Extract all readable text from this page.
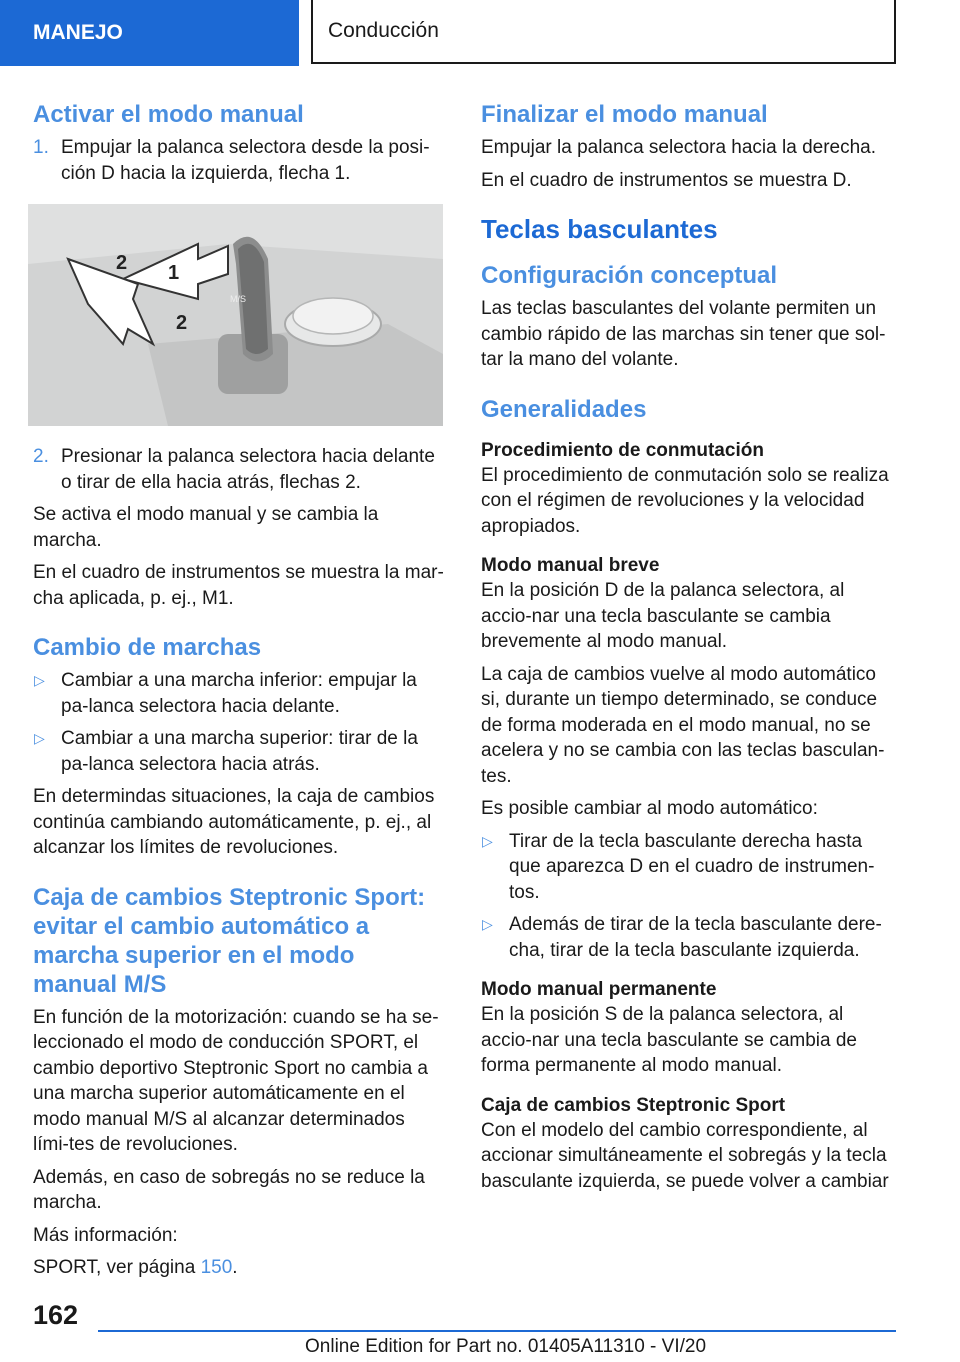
MANEJO	Conducción
Activar el modo manual
1. Empujar la palanca selectora desde la posi-ción D hacia la izquierda, flecha 1.
1
2
2
M/S
2. Presionar la palanca selectora hacia delante o tirar de ella hacia atrás, flechas 2.

Se activa el modo manual y se cambia la marcha.

En el cuadro de instrumentos se muestra la mar-cha aplicada, p. ej., M1.

Cambio de marchas
▷ Cambiar a una marcha inferior: empujar la pa-lanca selectora hacia delante.
▷ Cambiar a una marcha superior: tirar de la pa-lanca selectora hacia atrás.

En determindas situaciones, la caja de cambios continúa cambiando automáticamente, p. ej., al alcanzar los límites de revoluciones.

Caja de cambios Steptronic Sport: evitar el cambio automático a marcha superior en el modo manual M/S

En función de la motorización: cuando se ha se-leccionado el modo de conducción SPORT, el cambio deportivo Steptronic Sport no cambia a una marcha superior automáticamente en el modo manual M/S al alcanzar determinados lími-tes de revoluciones.

Además, en caso de sobregás no se reduce la marcha.

Más información:

SPORT, ver página 150.

Finalizar el modo manual

Empujar la palanca selectora hacia la derecha.

En el cuadro de instrumentos se muestra D.

Teclas basculantes
Configuración conceptual

Las teclas basculantes del volante permiten un cambio rápido de las marchas sin tener que sol-tar la mano del volante.

Generalidades
Procedimiento de conmutación

El procedimiento de conmutación solo se realiza con el régimen de revoluciones y la velocidad apropiados.

Modo manual breve

En la posición D de la palanca selectora, al accio-nar una tecla basculante se cambia brevemente al modo manual.

La caja de cambios vuelve al modo automático si, durante un tiempo determinado, se conduce de forma moderada en el modo manual, no se acelera y no se cambia con las teclas basculan-tes.

Es posible cambiar al modo automático:

▷ Tirar de la tecla basculante derecha hasta que aparezca D en el cuadro de instrumen-tos.
▷ Además de tirar de la tecla basculante dere-cha, tirar de la tecla basculante izquierda.
Modo manual permanente

En la posición S de la palanca selectora, al accio-nar una tecla basculante se cambia de forma permanente al modo manual.

Caja de cambios Steptronic Sport

Con el modelo del cambio correspondiente, al accionar simultáneamente el sobregás y la tecla basculante izquierda, se puede volver a cambiar

162
Online Edition for Part no. 01405A11310 - VI/20
